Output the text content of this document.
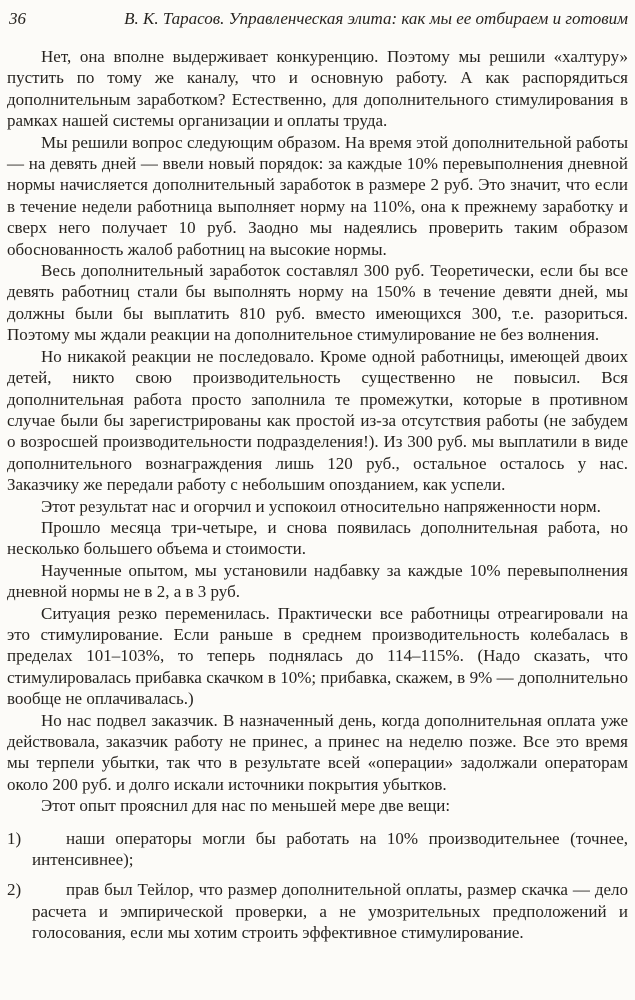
36	В. К. Тарасов. Управленческая элита: как мы ее отбираем и готовим

Нет, она вполне выдерживает конкуренцию. Поэтому мы решили «халтуру» пустить по тому же каналу, что и основную работу. А как распорядиться дополнительным заработком? Естественно, для дополнительного стимулирования в рамках нашей системы организации и оплаты труда.

Мы решили вопрос следующим образом. На время этой дополнительной работы — на девять дней — ввели новый порядок: за каждые 10% перевыполнения дневной нормы начисляется дополнительный заработок в размере 2 руб. Это значит, что если в течение недели работница выполняет норму на 110%, она к прежнему заработку и сверх него получает 10 руб. Заодно мы надеялись проверить таким образом обоснованность жалоб работниц на высокие нормы.

Весь дополнительный заработок составлял 300 руб. Теоретически, если бы все девять работниц стали бы выполнять норму на 150% в течение девяти дней, мы должны были бы выплатить 810 руб. вместо имеющихся 300, т.е. разориться. Поэтому мы ждали реакции на дополнительное стимулирование не без волнения.

Но никакой реакции не последовало. Кроме одной работницы, имеющей двоих детей, никто свою производительность существенно не повысил. Вся дополнительная работа просто заполнила те промежутки, которые в противном случае были бы зарегистрированы как простой из-за отсутствия работы (не забудем о возросшей производительности подразделения!). Из 300 руб. мы выплатили в виде дополнительного вознаграждения лишь 120 руб., остальное осталось у нас. Заказчику же передали работу с небольшим опозданием, как успели.

Этот результат нас и огорчил и успокоил относительно напряженности норм.

Прошло месяца три-четыре, и снова появилась дополнительная работа, но несколько большего объема и стоимости.

Наученные опытом, мы установили надбавку за каждые 10% перевыполнения дневной нормы не в 2, а в 3 руб.

Ситуация резко переменилась. Практически все работницы отреагировали на это стимулирование. Если раньше в среднем производительность колебалась в пределах 101–103%, то теперь поднялась до 114–115%. (Надо сказать, что стимулировалась прибавка скачком в 10%; прибавка, скажем, в 9% — дополнительно вообще не оплачивалась.)

Но нас подвел заказчик. В назначенный день, когда дополнительная оплата уже действовала, заказчик работу не принес, а принес на неделю позже. Все это время мы терпели убытки, так что в результате всей «операции» задолжали операторам около 200 руб. и долго искали источники покрытия убытков.

Этот опыт прояснил для нас по меньшей мере две вещи:

1)	наши операторы могли бы работать на 10% производительнее (точнее, интенсивнее);

2)	прав был Тейлор, что размер дополнительной оплаты, размер скачка — дело расчета и эмпирической проверки, а не умозрительных предположений и голосования, если мы хотим строить эффективное стимулирование.
